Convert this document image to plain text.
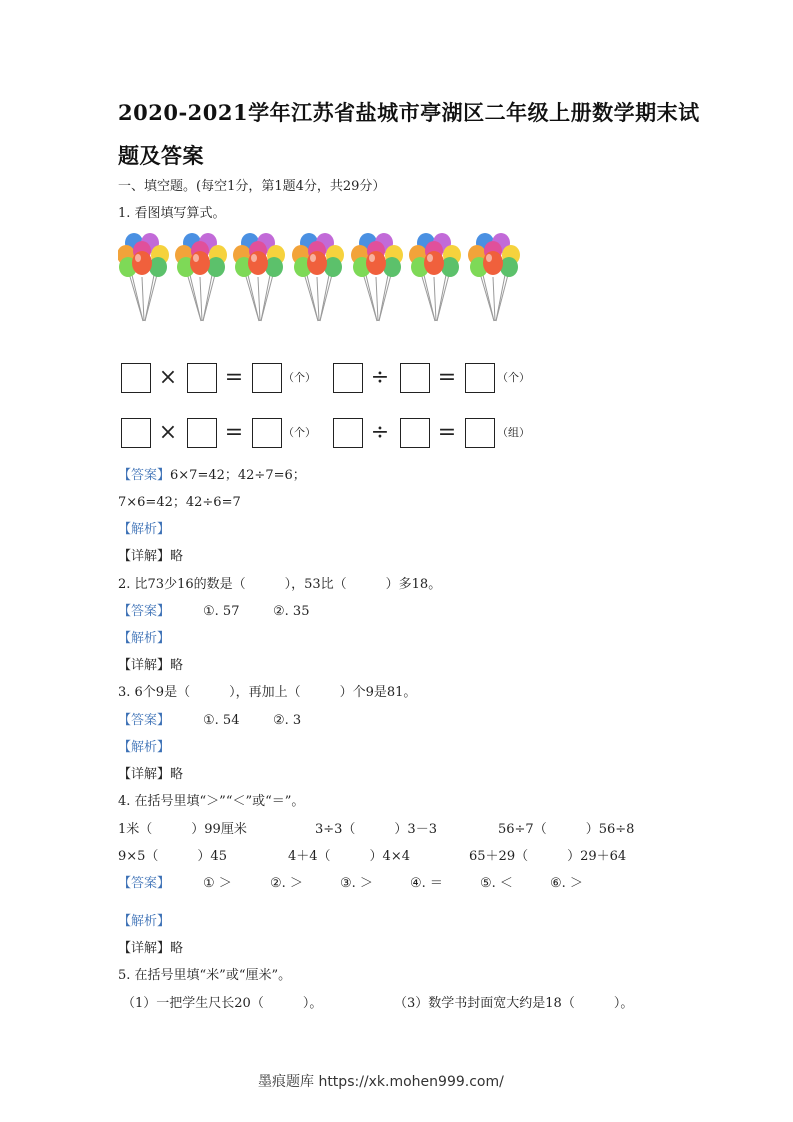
2020-2021学年江苏省盐城市亭湖区二年级上册数学期末试
题及答案
一、填空题。(每空1分，第1题4分，共29分）
1. 看图填写算式。
× =	（个） ÷ =	（个）
× =	（个） ÷ =	（组）
【答案】6×7=42；42÷7=6；
7×6=42；42÷6=7
【解析】
【详解】略
2. 比73少16的数是（　　　），53比（　　　）多18。
【答案】	①. 57	②. 35
【解析】
【详解】略
3. 6个9是（　　　），再加上（　　　）个9是81。
【答案】	①. 54	②. 3
【解析】
【详解】略
4. 在括号里填“＞”“＜”或“＝”。
1米（　　　）99厘米	3÷3（　　　）3－3	56÷7（　　　）56÷8
9×5（　　　）45	4＋4（　　　）4×4	65＋29（　　　）29＋64
【答案】	① ＞	②. ＞	③. ＞	④. ＝	⑤. ＜	⑥. ＞
【解析】
【详解】略
5. 在括号里填“米”或“厘米”。
（1）一把学生尺长20（　　　）。	（3）数学书封面宽大约是18（　　　）。
墨痕题库 https://xk.mohen999.com/
